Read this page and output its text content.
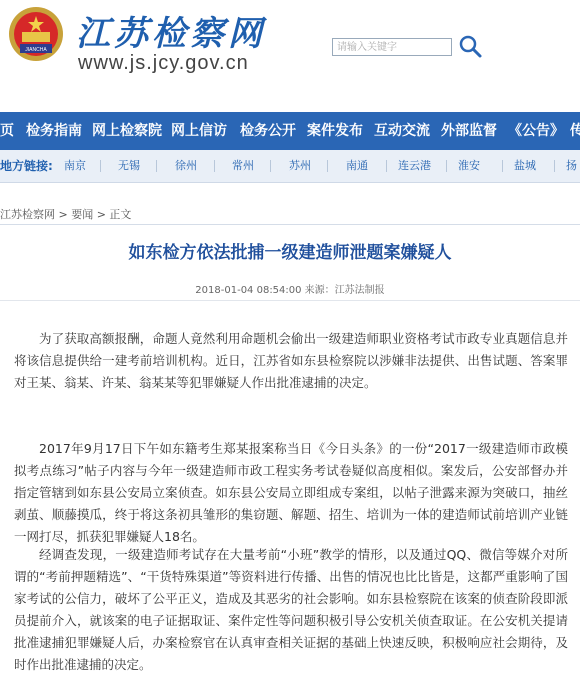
JIANCHA 江苏检察网
www.js.jcy.gov.cn
请输入关键字
页 检务指南 网上检察院 网上信访 检务公开 案件发布 互动交流 外部监督 《公告》 传
地方链接: 南京	无锡	徐州	常州	苏州	南通	连云港 淮安	盐城	扬
江苏检察网 > 要闻 > 正文
如东检方依法批捕一级建造师泄题案嫌疑人
2018-01-04 08:54:00 来源：江苏法制报
为了获取高额报酬，命题人竟然利用命题机会偷出一级建造师职业资格考试市政专业真题信息并将该信息提供给一建考前培训机构。近日，江苏省如东县检察院以涉嫌非法提供、出售试题、答案罪对王某、翁某、许某、翁某某等犯罪嫌疑人作出批准逮捕的决定。
2017年9月17日下午如东籍考生郑某报案称当日《今日头条》的一份“2017一级建造师市政模拟考点练习”帖子内容与今年一级建造师市政工程实务考试卷疑似高度相似。案发后，公安部督办并指定管辖到如东县公安局立案侦查。如东县公安局立即组成专案组，以帖子泄露来源为突破口，抽丝剥茧、顺藤摸瓜，终于将这条初具雏形的集窃题、解题、招生、培训为一体的建造师试前培训产业链一网打尽，抓获犯罪嫌疑人18名。
经调查发现，一级建造师考试存在大量考前“小班”教学的情形，以及通过QQ、微信等媒介对所谓的“考前押题精选”、“干货特殊渠道”等资料进行传播、出售的情况也比比皆是，这都严重影响了国家考试的公信力，破坏了公平正义，造成及其恶劣的社会影响。如东县检察院在该案的侦查阶段即派员提前介入，就该案的电子证据取证、案件定性等问题积极引导公安机关侦查取证。在公安机关提请批准逮捕犯罪嫌疑人后，办案检察官在认真审查相关证据的基础上快速反映，积极响应社会期待，及时作出批准逮捕的决定。
